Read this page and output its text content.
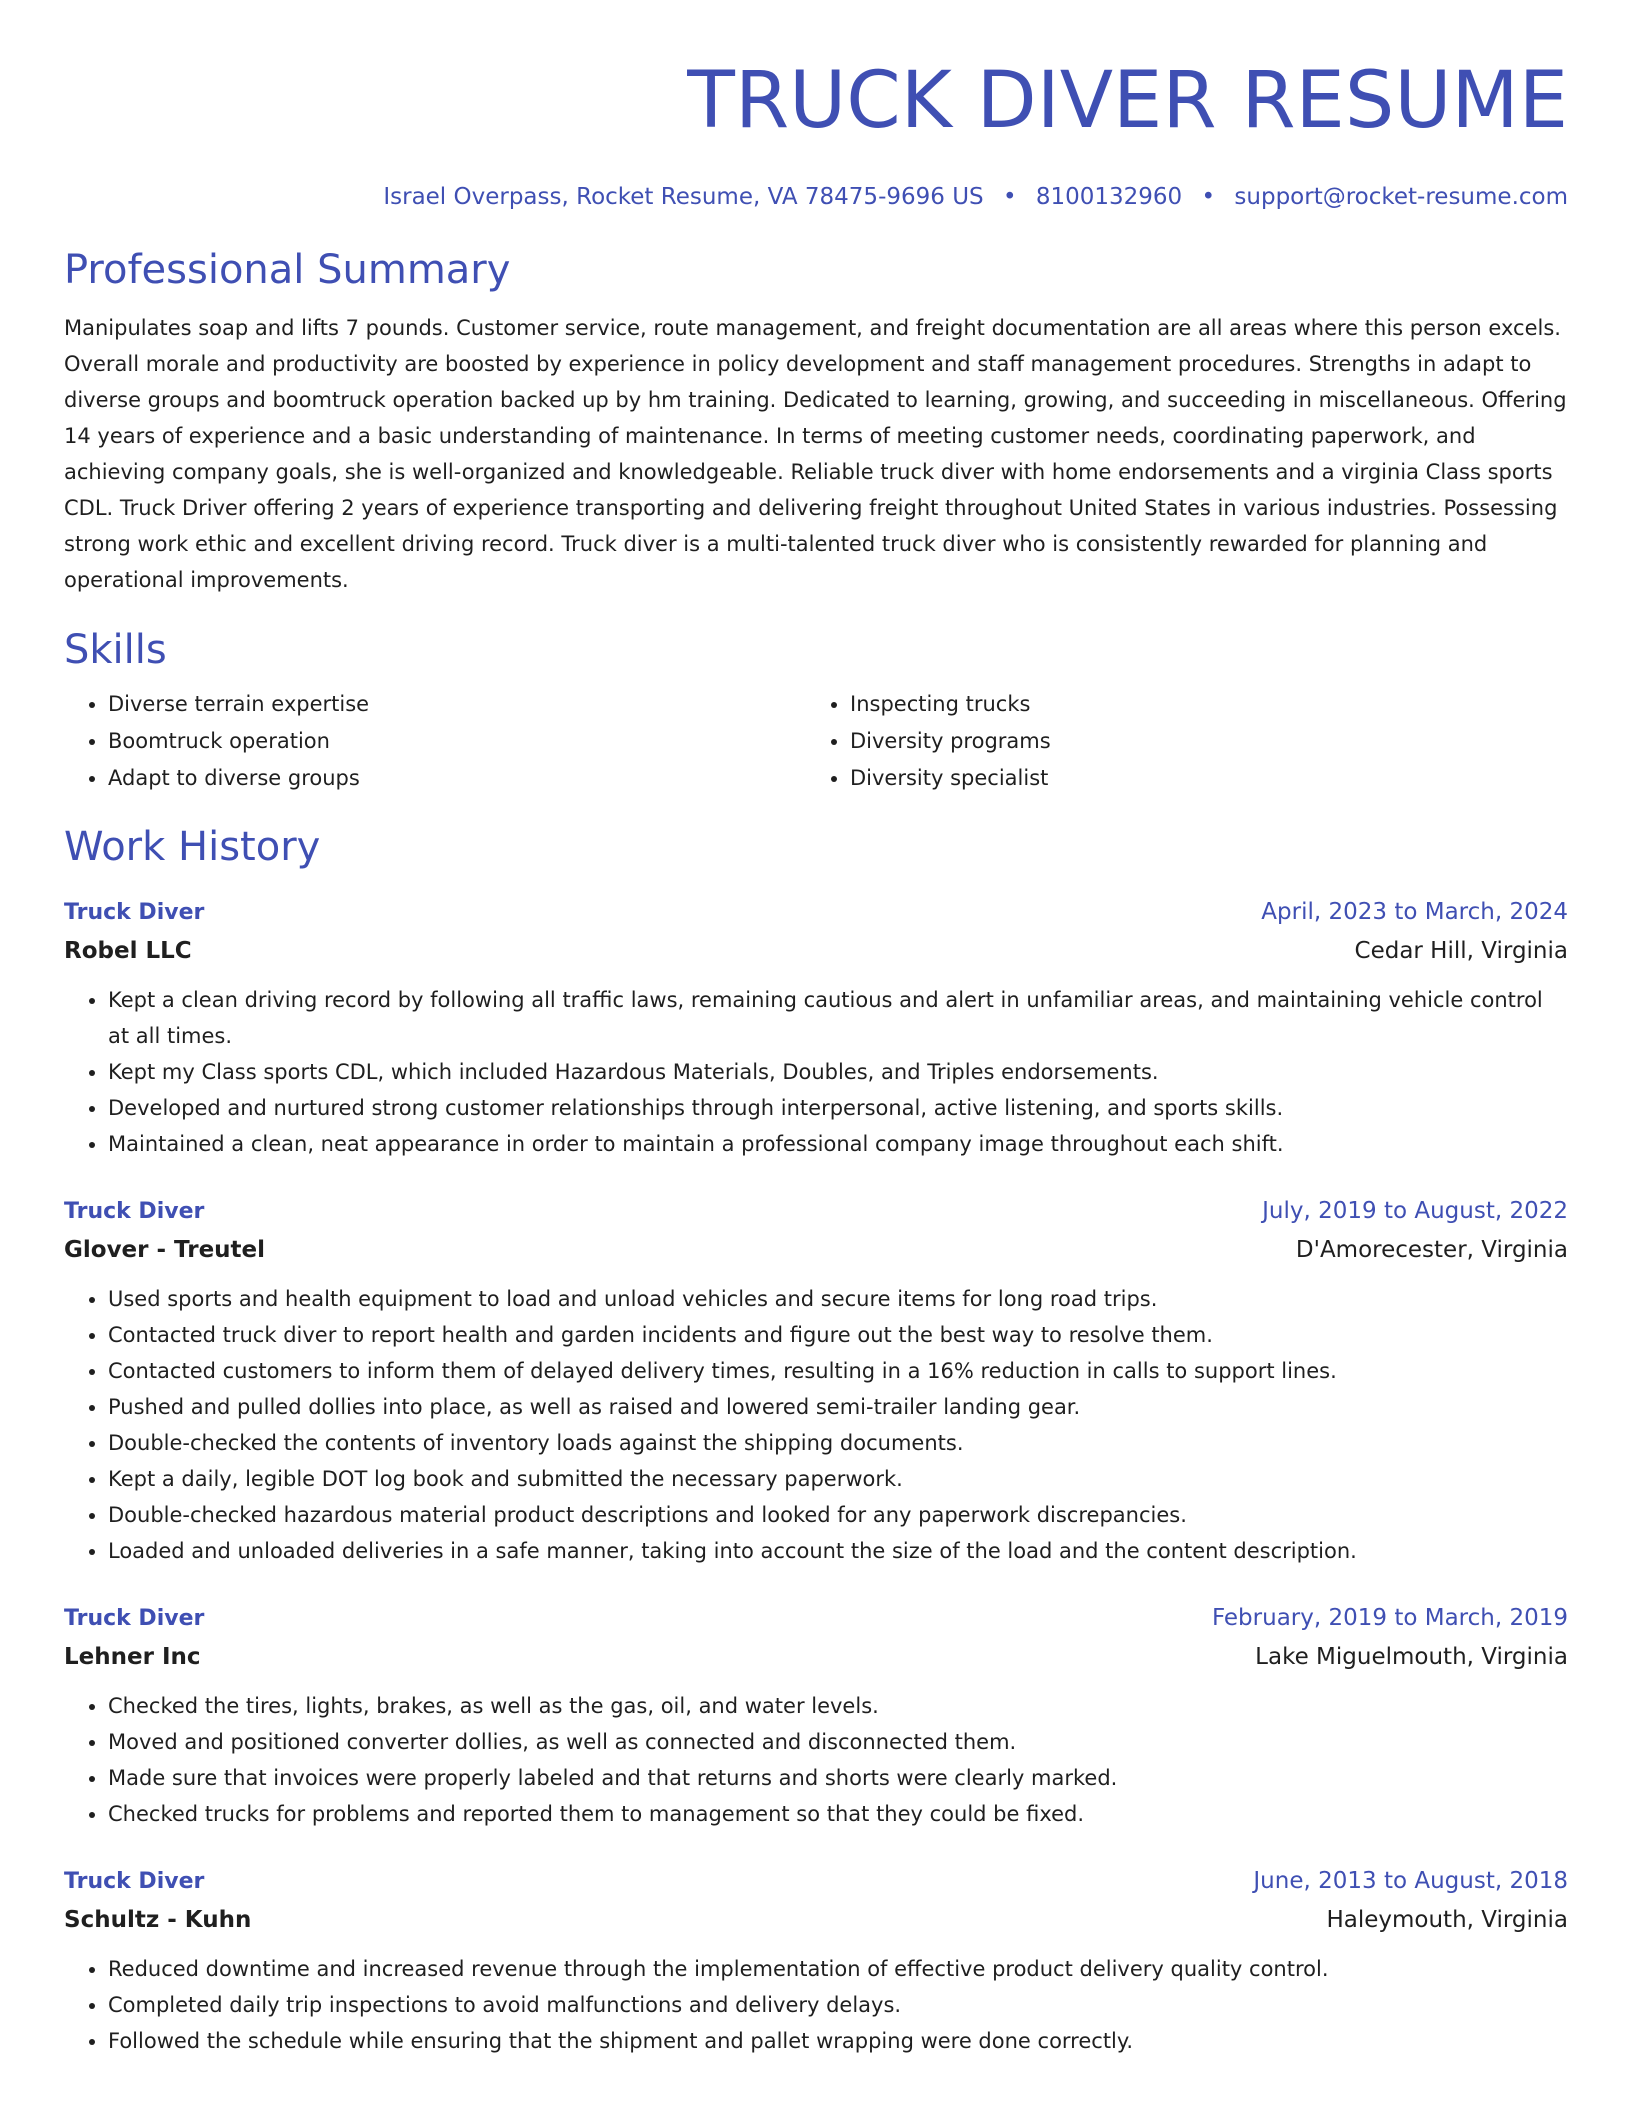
TRUCK DIVER RESUME
Israel Overpass, Rocket Resume, VA 78475-9696 US • 8100132960 • support@rocket-resume.com
Professional Summary

Manipulates soap and lifts 7 pounds. Customer service, route management, and freight documentation are all areas where this person excels. Overall morale and productivity are boosted by experience in policy development and staff management procedures. Strengths in adapt to diverse groups and boomtruck operation backed up by hm training. Dedicated to learning, growing, and succeeding in miscellaneous. Offering 14 years of experience and a basic understanding of maintenance. In terms of meeting customer needs, coordinating paperwork, and achieving company goals, she is well-organized and knowledgeable. Reliable truck diver with home endorsements and a virginia Class sports CDL. Truck Driver offering 2 years of experience transporting and delivering freight throughout United States in various industries. Possessing strong work ethic and excellent driving record. Truck diver is a multi-talented truck diver who is consistently rewarded for planning and operational improvements.

Skills
• Diverse terrain expertise
• Boomtruck operation
• Adapt to diverse groups
• Inspecting trucks
• Diversity programs
• Diversity specialist
Work History
Truck Diver	April, 2023 to March, 2024
Robel LLC	Cedar Hill, Virginia
• Kept a clean driving record by following all traffic laws, remaining cautious and alert in unfamiliar areas, and maintaining vehicle control at all times.
• Kept my Class sports CDL, which included Hazardous Materials, Doubles, and Triples endorsements.
• Developed and nurtured strong customer relationships through interpersonal, active listening, and sports skills.
• Maintained a clean, neat appearance in order to maintain a professional company image throughout each shift.
Truck Diver	July, 2019 to August, 2022
Glover - Treutel	D'Amorecester, Virginia
• Used sports and health equipment to load and unload vehicles and secure items for long road trips.
• Contacted truck diver to report health and garden incidents and figure out the best way to resolve them.
• Contacted customers to inform them of delayed delivery times, resulting in a 16% reduction in calls to support lines.
• Pushed and pulled dollies into place, as well as raised and lowered semi-trailer landing gear.
• Double-checked the contents of inventory loads against the shipping documents.
• Kept a daily, legible DOT log book and submitted the necessary paperwork.
• Double-checked hazardous material product descriptions and looked for any paperwork discrepancies.
• Loaded and unloaded deliveries in a safe manner, taking into account the size of the load and the content description.
Truck Diver	February, 2019 to March, 2019
Lehner Inc	Lake Miguelmouth, Virginia
• Checked the tires, lights, brakes, as well as the gas, oil, and water levels.
• Moved and positioned converter dollies, as well as connected and disconnected them.
• Made sure that invoices were properly labeled and that returns and shorts were clearly marked.
• Checked trucks for problems and reported them to management so that they could be fixed.
Truck Diver	June, 2013 to August, 2018
Schultz - Kuhn	Haleymouth, Virginia
• Reduced downtime and increased revenue through the implementation of effective product delivery quality control.
• Completed daily trip inspections to avoid malfunctions and delivery delays.
• Followed the schedule while ensuring that the shipment and pallet wrapping were done correctly.
